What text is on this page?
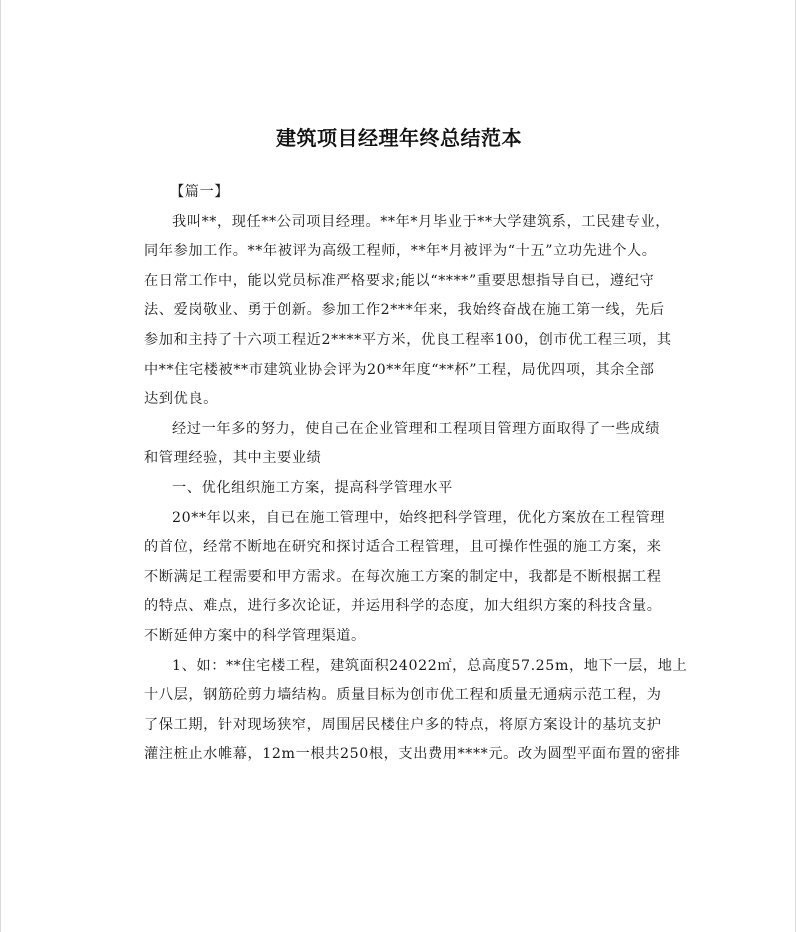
建筑项目经理年终总结范本
【篇一】
我叫**，现任**公司项目经理。**年*月毕业于**大学建筑系，工民建专业，
同年参加工作。**年被评为高级工程师，**年*月被评为“十五”立功先进个人。
在日常工作中，能以党员标准严格要求;能以“****”重要思想指导自已，遵纪守
法、爱岗敬业、勇于创新。参加工作2***年来，我始终奋战在施工第一线，先后
参加和主持了十六项工程近2****平方米，优良工程率100，创市优工程三项，其
中**住宅楼被**市建筑业协会评为20**年度“**杯”工程，局优四项，其余全部
达到优良。
经过一年多的努力，使自己在企业管理和工程项目管理方面取得了一些成绩
和管理经验，其中主要业绩
一、优化组织施工方案，提高科学管理水平
20**年以来，自已在施工管理中，始终把科学管理，优化方案放在工程管理
的首位，经常不断地在研究和探讨适合工程管理，且可操作性强的施工方案，来
不断满足工程需要和甲方需求。在每次施工方案的制定中，我都是不断根据工程
的特点、难点，进行多次论证，并运用科学的态度，加大组织方案的科技含量。
不断延伸方案中的科学管理渠道。
1、如：**住宅楼工程，建筑面积24022㎡，总高度57.25m，地下一层，地上
十八层，钢筋砼剪力墙结构。质量目标为创市优工程和质量无通病示范工程，为
了保工期，针对现场狭窄，周围居民楼住户多的特点，将原方案设计的基坑支护
灌注桩止水帷幕，12m一根共250根，支出费用****元。改为圆型平面布置的密排
